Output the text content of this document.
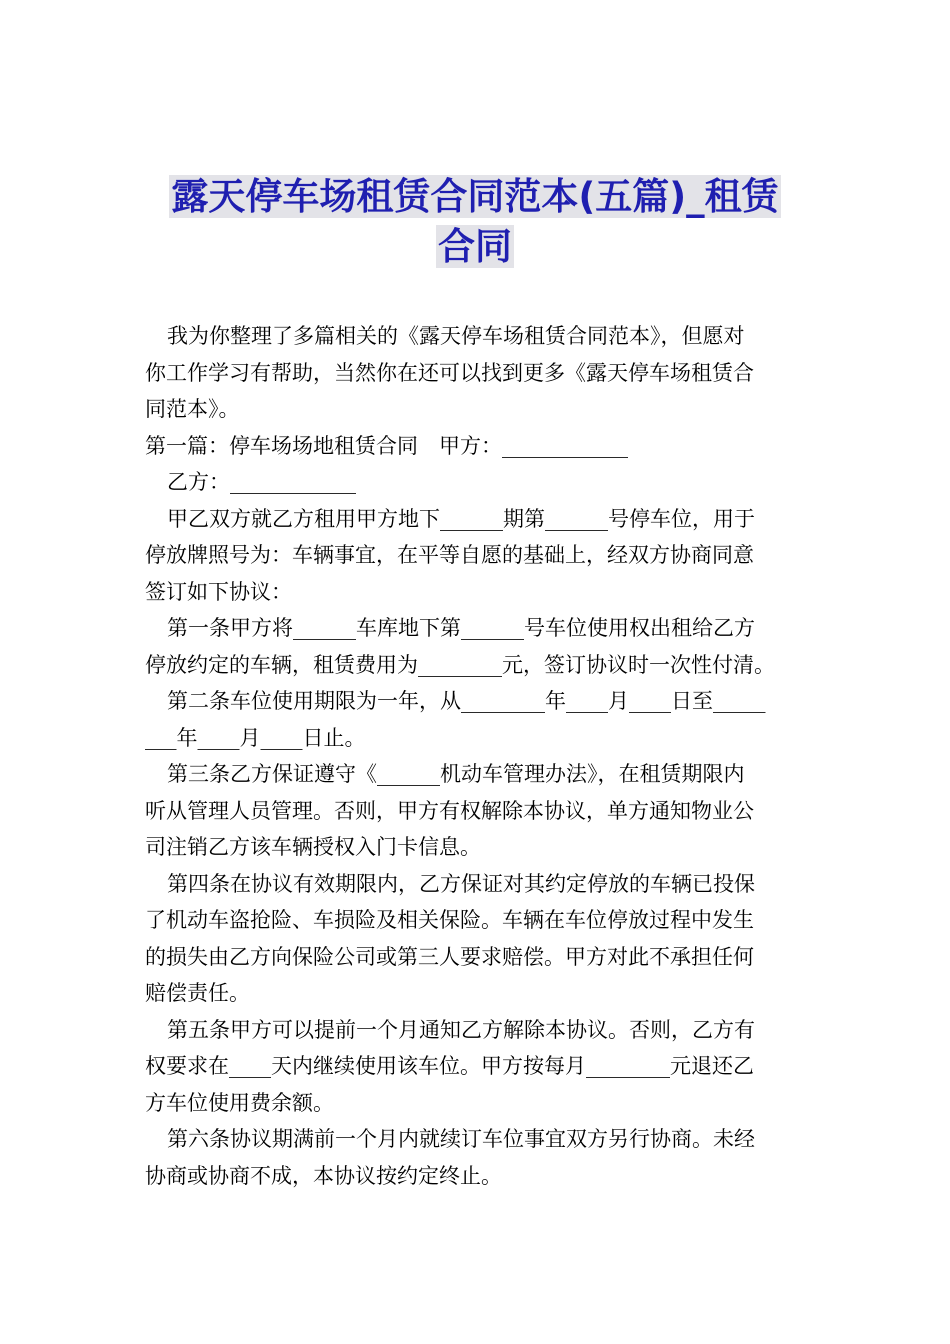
露天停车场租赁合同范本(五篇)_租赁
合同
我为你整理了多篇相关的《露天停车场租赁合同范本》，但愿对
你工作学习有帮助，当然你在还可以找到更多《露天停车场租赁合
同范本》。
第一篇：停车场场地租赁合同　甲方：____________
乙方：____________
甲乙双方就乙方租用甲方地下______期第______号停车位，用于
停放牌照号为：车辆事宜，在平等自愿的基础上，经双方协商同意
签订如下协议：
第一条甲方将______车库地下第______号车位使用权出租给乙方
停放约定的车辆，租赁费用为________元，签订协议时一次性付清。
第二条车位使用期限为一年，从________年____月____日至_____
___年____月____日止。
第三条乙方保证遵守《______机动车管理办法》，在租赁期限内
听从管理人员管理。否则，甲方有权解除本协议，单方通知物业公
司注销乙方该车辆授权入门卡信息。
第四条在协议有效期限内，乙方保证对其约定停放的车辆已投保
了机动车盗抢险、车损险及相关保险。车辆在车位停放过程中发生
的损失由乙方向保险公司或第三人要求赔偿。甲方对此不承担任何
赔偿责任。
第五条甲方可以提前一个月通知乙方解除本协议。否则，乙方有
权要求在____天内继续使用该车位。甲方按每月________元退还乙
方车位使用费余额。
第六条协议期满前一个月内就续订车位事宜双方另行协商。未经
协商或协商不成，本协议按约定终止。
